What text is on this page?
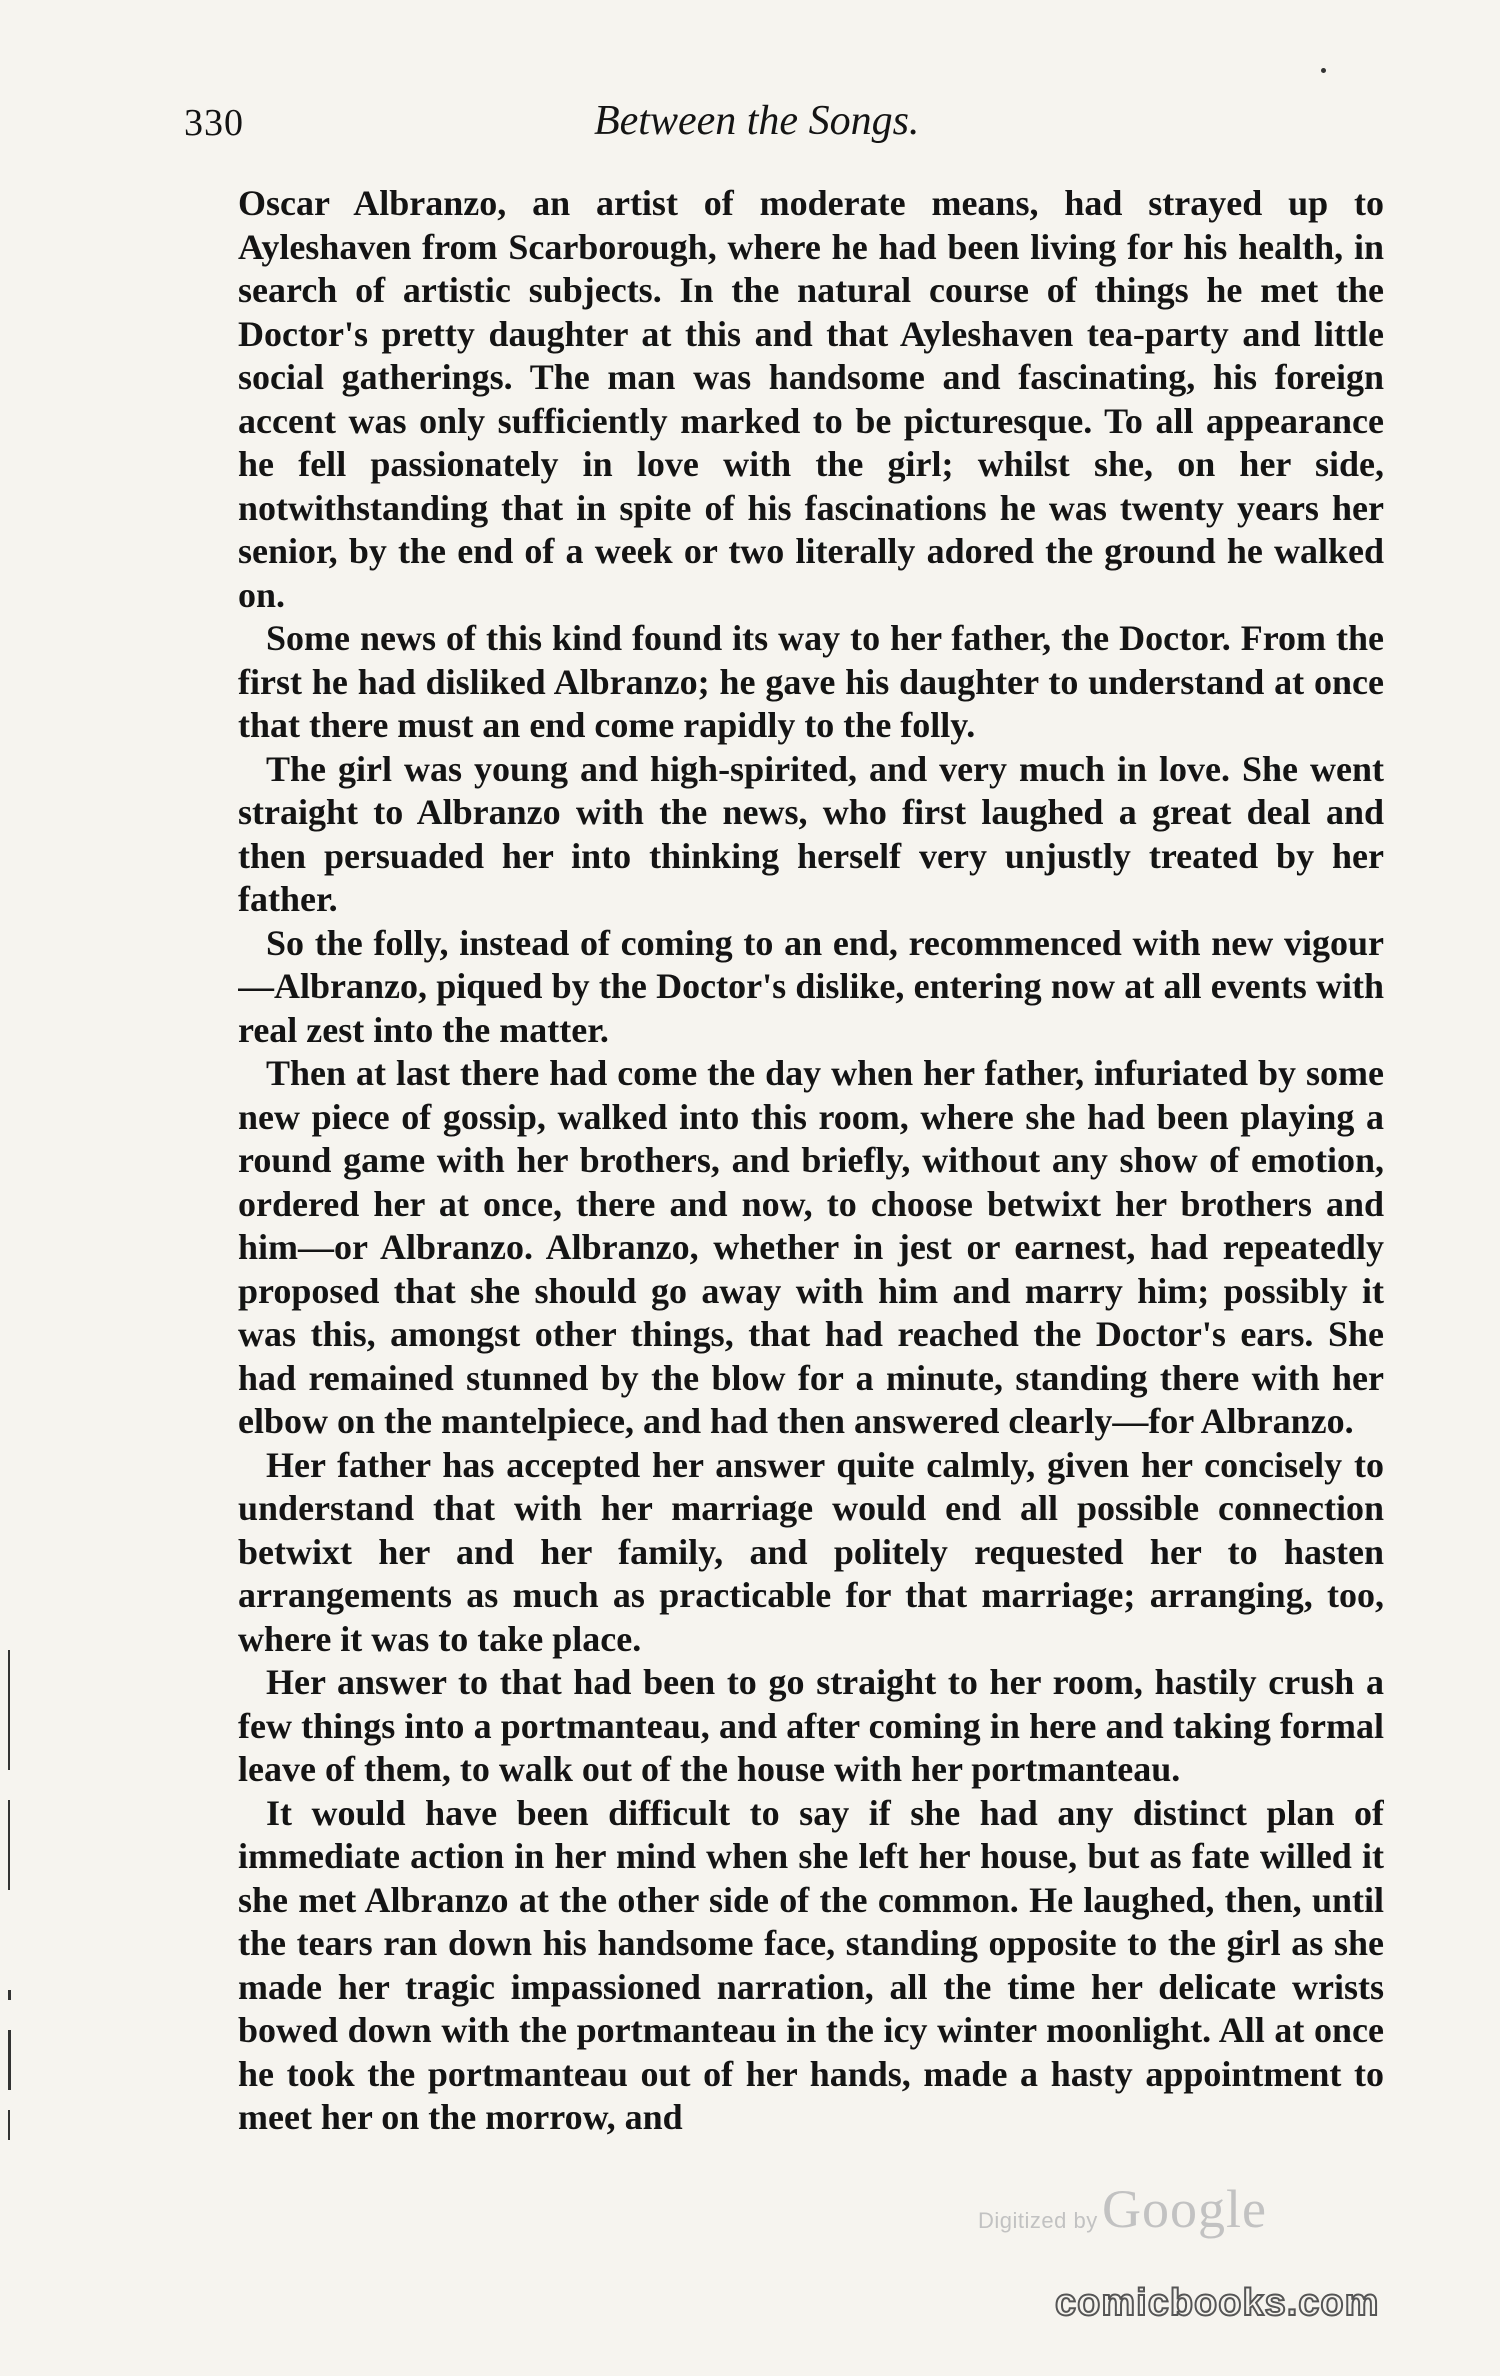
330	Between the Songs.

Oscar Albranzo, an artist of moderate means, had strayed up to Ayleshaven from Scarborough, where he had been living for his health, in search of artistic subjects. In the natural course of things he met the Doctor's pretty daughter at this and that Ayleshaven tea-party and little social gatherings. The man was handsome and fascinating, his foreign accent was only sufficiently marked to be picturesque. To all appearance he fell passionately in love with the girl; whilst she, on her side, notwithstanding that in spite of his fascinations he was twenty years her senior, by the end of a week or two literally adored the ground he walked on.

Some news of this kind found its way to her father, the Doctor. From the first he had disliked Albranzo; he gave his daughter to understand at once that there must an end come rapidly to the folly.

The girl was young and high-spirited, and very much in love. She went straight to Albranzo with the news, who first laughed a great deal and then persuaded her into thinking herself very unjustly treated by her father.

So the folly, instead of coming to an end, recommenced with new vigour—Albranzo, piqued by the Doctor's dislike, entering now at all events with real zest into the matter.

Then at last there had come the day when her father, infuriated by some new piece of gossip, walked into this room, where she had been playing a round game with her brothers, and briefly, without any show of emotion, ordered her at once, there and now, to choose betwixt her brothers and him—or Albranzo. Albranzo, whether in jest or earnest, had repeatedly proposed that she should go away with him and marry him; possibly it was this, amongst other things, that had reached the Doctor's ears. She had remained stunned by the blow for a minute, standing there with her elbow on the mantelpiece, and had then answered clearly—for Albranzo.

Her father has accepted her answer quite calmly, given her concisely to understand that with her marriage would end all possible connection betwixt her and her family, and politely requested her to hasten arrangements as much as practicable for that marriage; arranging, too, where it was to take place.

Her answer to that had been to go straight to her room, hastily crush a few things into a portmanteau, and after coming in here and taking formal leave of them, to walk out of the house with her portmanteau.

It would have been difficult to say if she had any distinct plan of immediate action in her mind when she left her house, but as fate willed it she met Albranzo at the other side of the common. He laughed, then, until the tears ran down his handsome face, standing opposite to the girl as she made her tragic impassioned narration, all the time her delicate wrists bowed down with the portmanteau in the icy winter moonlight. All at once he took the portmanteau out of her hands, made a hasty appointment to meet her on the morrow, and

Digitized by Google
comicbooks.com
